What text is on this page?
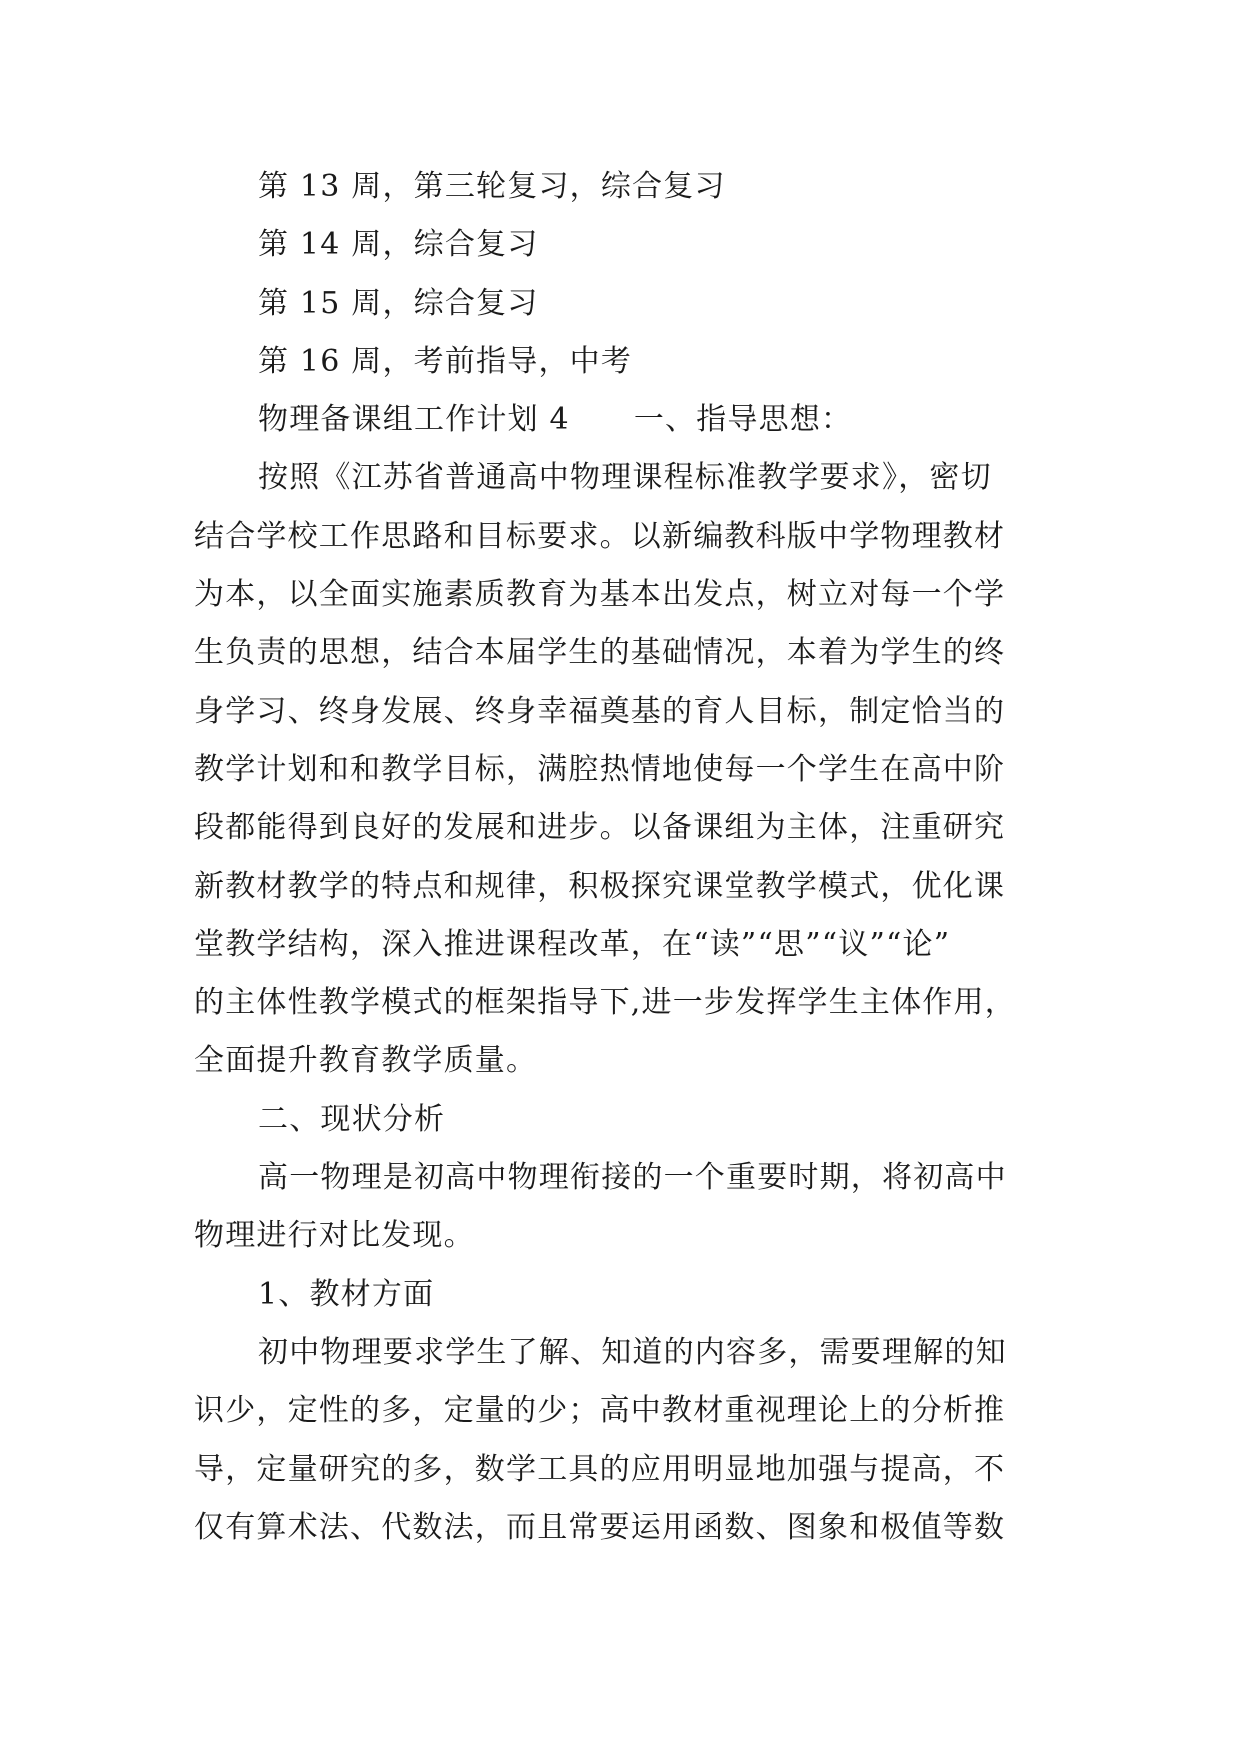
第 13 周，第三轮复习，综合复习
第 14 周，综合复习
第 15 周，综合复习
第 16 周，考前指导，中考
物理备课组工作计划 4 一、指导思想：
按照《江苏省普通高中物理课程标准教学要求》，密切
结合学校工作思路和目标要求。以新编教科版中学物理教材
为本，以全面实施素质教育为基本出发点，树立对每一个学
生负责的思想，结合本届学生的基础情况，本着为学生的终
身学习、终身发展、终身幸福奠基的育人目标，制定恰当的
教学计划和和教学目标，满腔热情地使每一个学生在高中阶
段都能得到良好的发展和进步。以备课组为主体，注重研究
新教材教学的特点和规律，积极探究课堂教学模式，优化课
堂教学结构，深入推进课程改革，在“读”“思”“议”“论”
的主体性教学模式的框架指导下,进一步发挥学生主体作用，
全面提升教育教学质量。
二、现状分析
高一物理是初高中物理衔接的一个重要时期，将初高中
物理进行对比发现。
1、教材方面
初中物理要求学生了解、知道的内容多，需要理解的知
识少，定性的多，定量的少；高中教材重视理论上的分析推
导，定量研究的多，数学工具的应用明显地加强与提高，不
仅有算术法、代数法，而且常要运用函数、图象和极值等数
